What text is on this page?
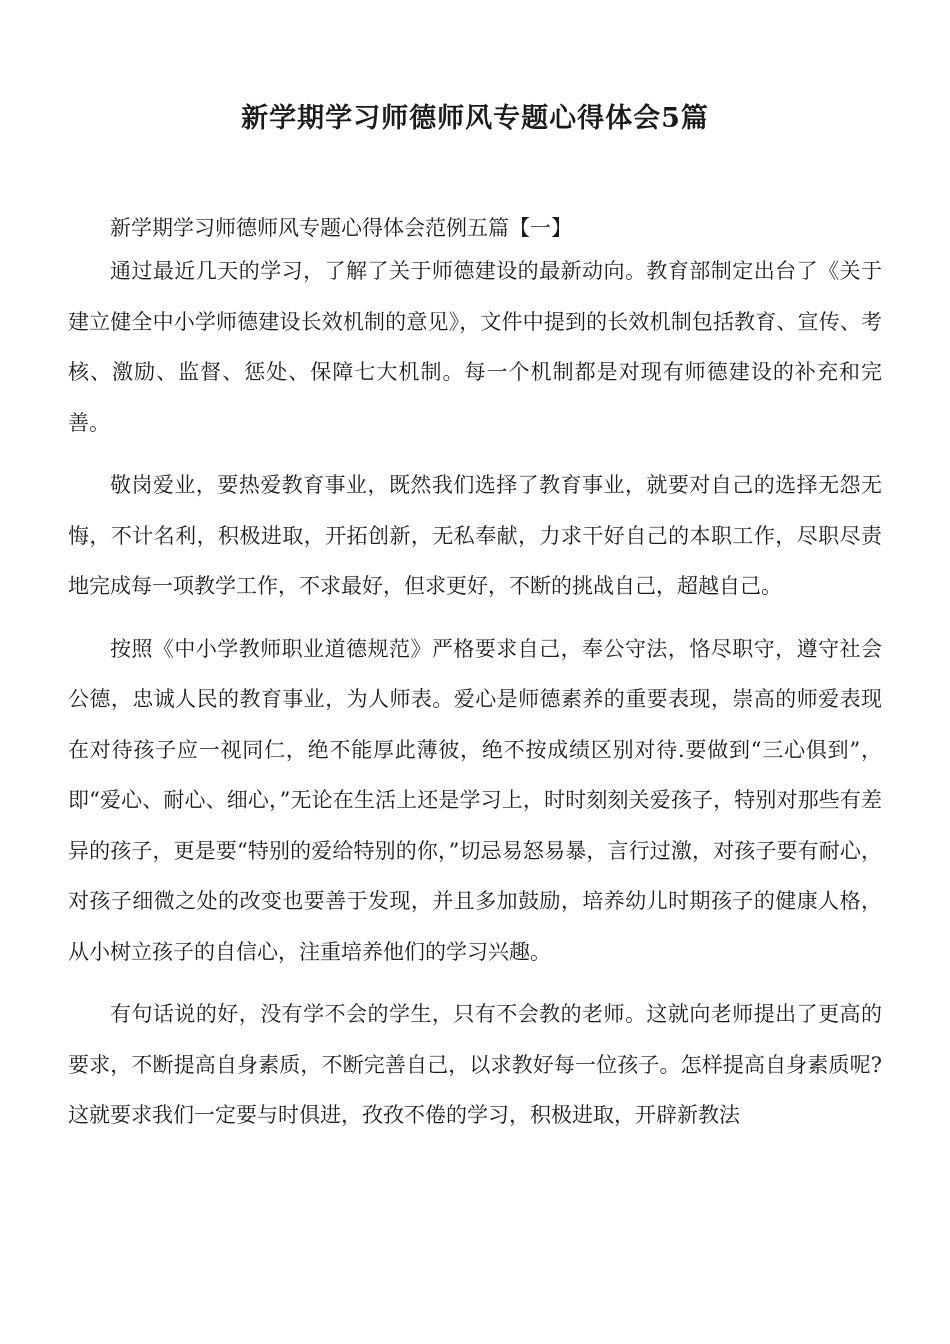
新学期学习师德师风专题心得体会5篇

新学期学习师德师风专题心得体会范例五篇【一】

通过最近几天的学习，了解了关于师德建设的最新动向。教育部制定出台了《关于建立健全中小学师德建设长效机制的意见》，文件中提到的长效机制包括教育、宣传、考核、激励、监督、惩处、保障七大机制。每一个机制都是对现有师德建设的补充和完善。

敬岗爱业，要热爱教育事业，既然我们选择了教育事业，就要对自己的选择无怨无悔，不计名利，积极进取，开拓创新，无私奉献，力求干好自己的本职工作，尽职尽责地完成每一项教学工作，不求最好，但求更好，不断的挑战自己，超越自己。

按照《中小学教师职业道德规范》严格要求自己，奉公守法，恪尽职守，遵守社会公德，忠诚人民的教育事业，为人师表。爱心是师德素养的重要表现，崇高的师爱表现在对待孩子应一视同仁，绝不能厚此薄彼，绝不按成绩区别对待.要做到“三心俱到”，即“爱心、耐心、细心，”无论在生活上还是学习上，时时刻刻关爱孩子，特别对那些有差异的孩子，更是要“特别的爱给特别的你，”切忌易怒易暴，言行过激，对孩子要有耐心，对孩子细微之处的改变也要善于发现，并且多加鼓励，培养幼儿时期孩子的健康人格，从小树立孩子的自信心，注重培养他们的学习兴趣。

有句话说的好，没有学不会的学生，只有不会教的老师。这就向老师提出了更高的要求，不断提高自身素质，不断完善自己，以求教好每一位孩子。怎样提高自身素质呢?这就要求我们一定要与时俱进，孜孜不倦的学习，积极进取，开辟新教法
